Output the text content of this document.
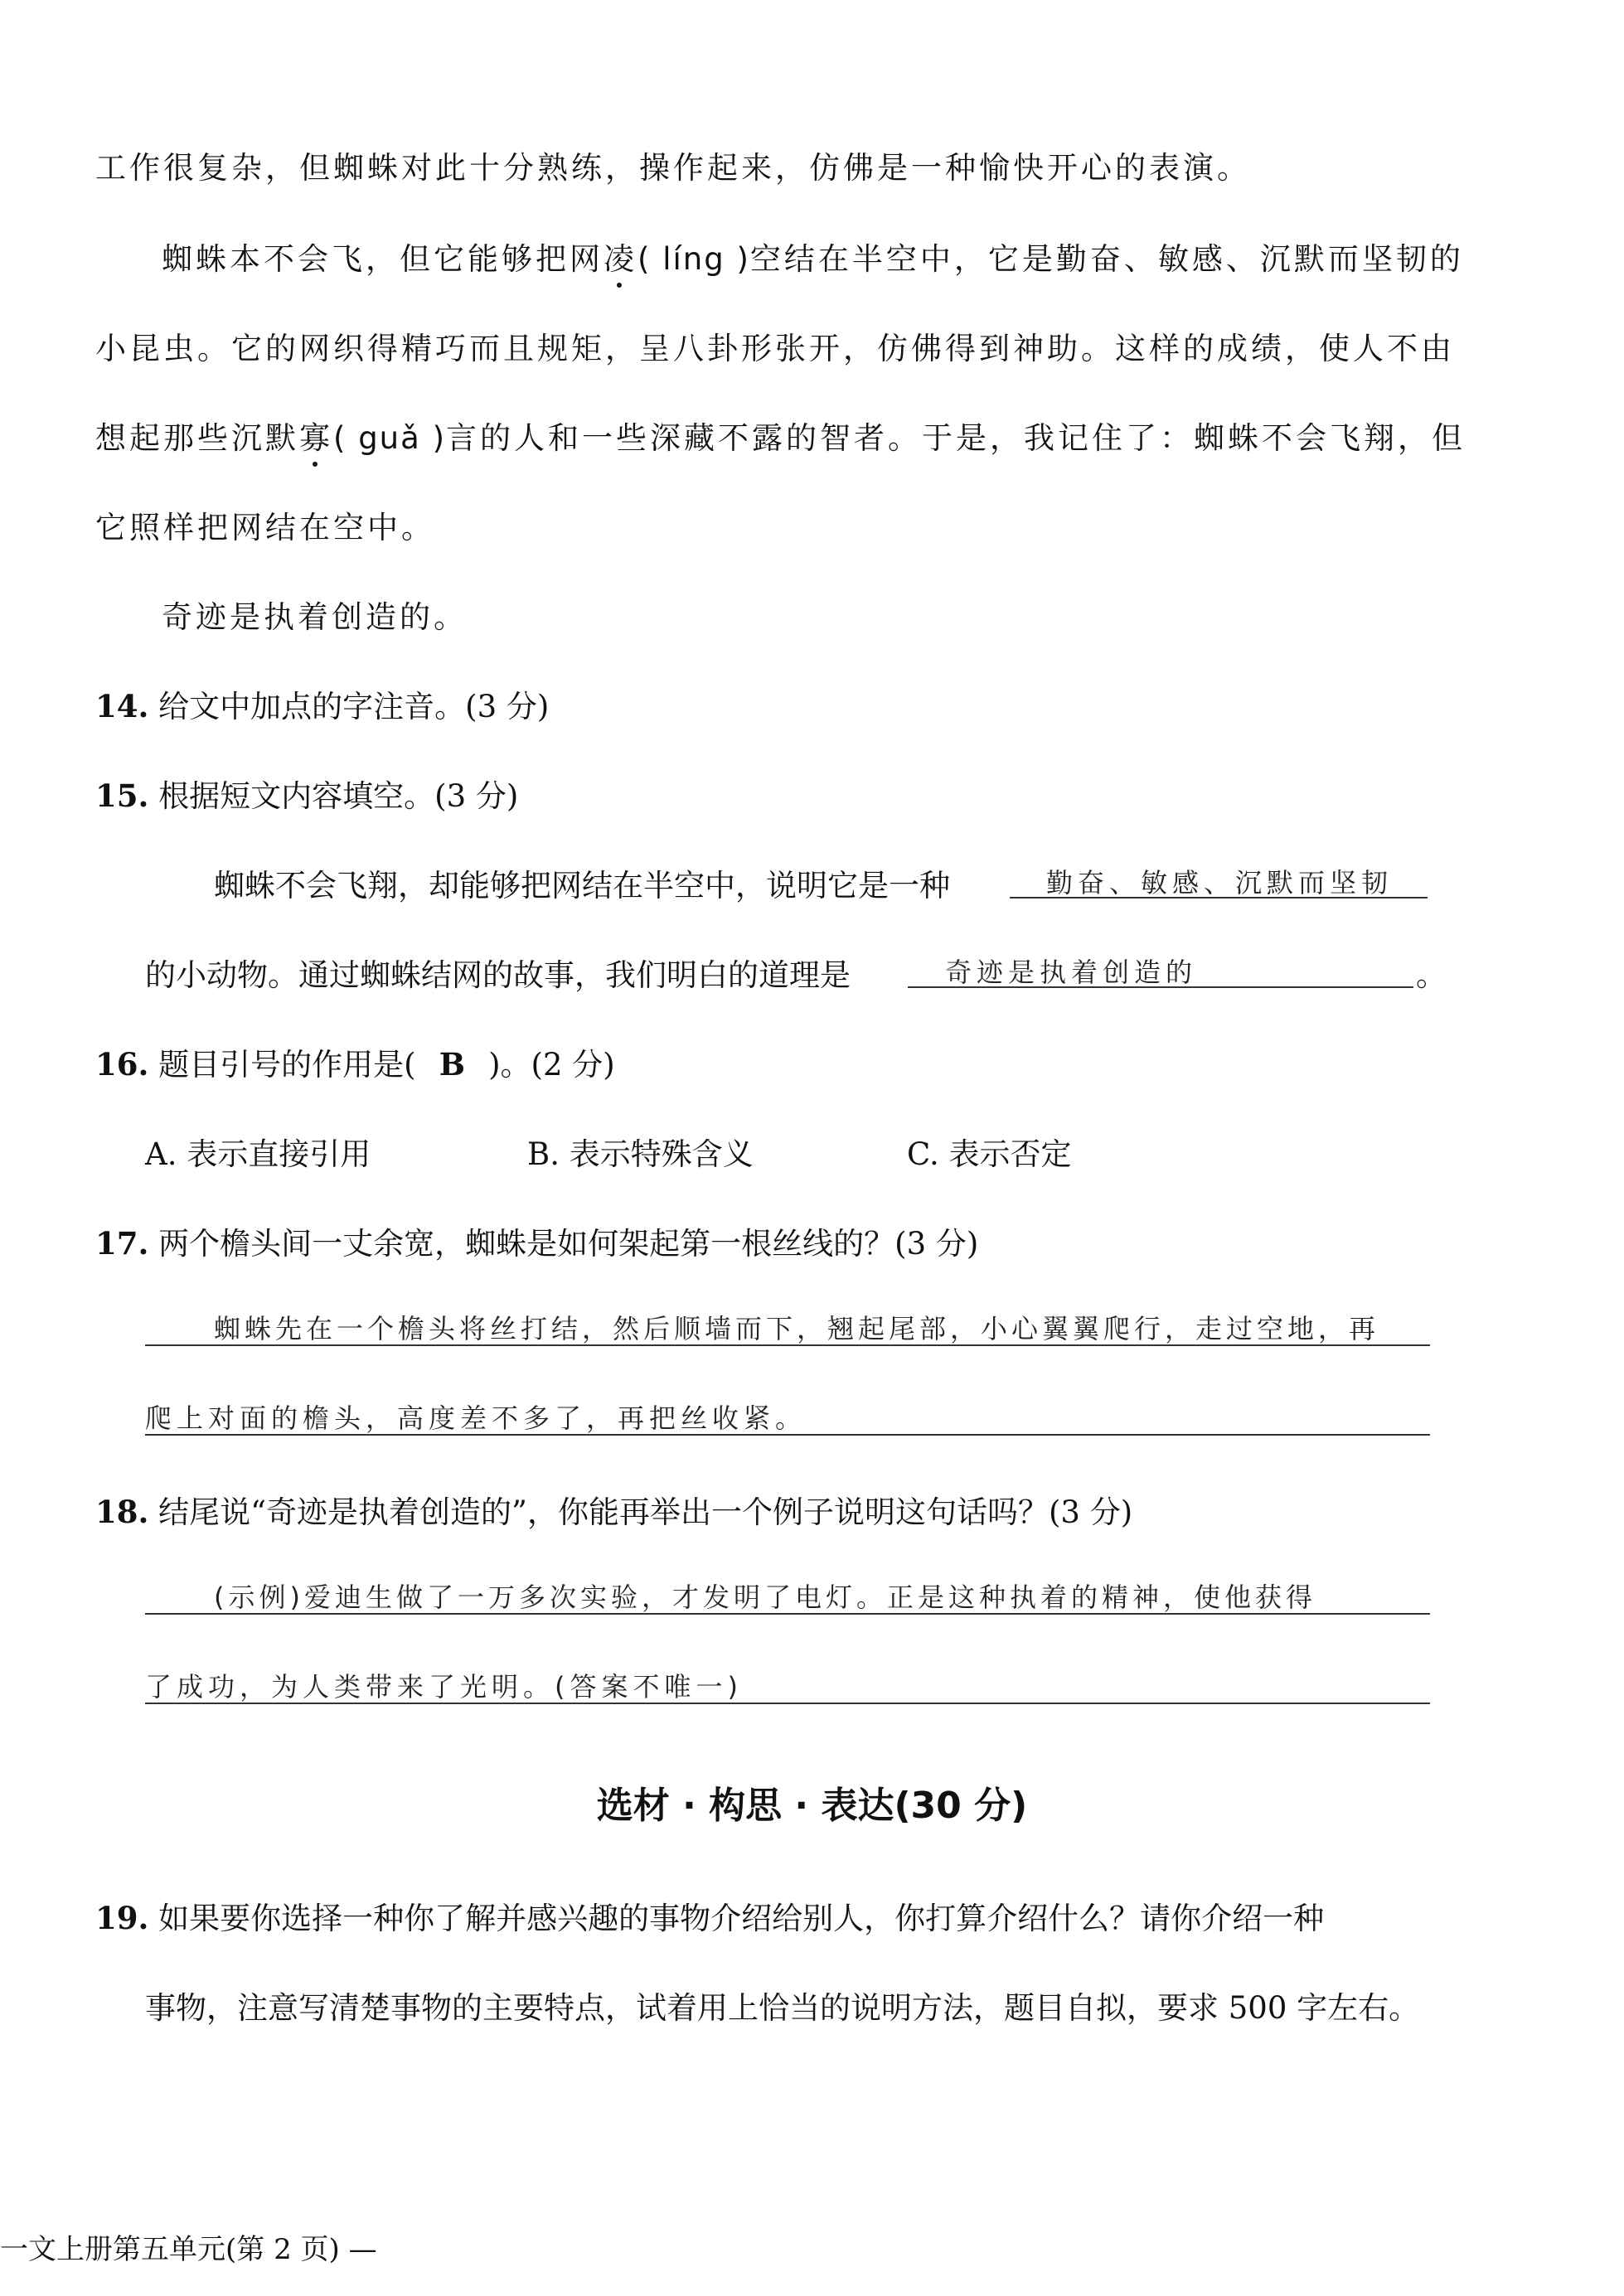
工作很复杂，但蜘蛛对此十分熟练，操作起来，仿佛是一种愉快开心的表演。
蜘蛛本不会飞，但它能够把网凌
( líng )空结在半空中，它是勤奋、敏感、沉默而坚韧的
小昆虫。它的网织得精巧而且规矩，呈八卦形张开，仿佛得到神助。这样的成绩，使人不由
想起那些沉默寡
( guǎ )言的人和一些深藏不露的智者。于是，我记住了：蜘蛛不会飞翔，但
它照样把网结在空中。
奇迹是执着创造的。
14. 给文中加点的字注音。(3 分)
15. 根据短文内容填空。(3 分)
蜘蛛不会飞翔，却能够把网结在半空中，说明它是一种	勤奋、敏感、沉默而坚韧
的小动物。通过蜘蛛结网的故事，我们明白的道理是	奇迹是执着创造的	。
16. 题目引号的作用是( B )。(2 分)
A. 表示直接引用	B. 表示特殊含义	C. 表示否定
17. 两个檐头间一丈余宽，蜘蛛是如何架起第一根丝线的？(3 分)
蜘蛛先在一个檐头将丝打结，然后顺墙而下，翘起尾部，小心翼翼爬行，走过空地，再
爬上对面的檐头，高度差不多了，再把丝收紧。
18. 结尾说“奇迹是执着创造的”，你能再举出一个例子说明这句话吗？(3 分)
(示例)爱迪生做了一万多次实验，才发明了电灯。正是这种执着的精神，使他获得
了成功，为人类带来了光明。(答案不唯一)
选材 · 构思 · 表达(30 分)
19. 如果要你选择一种你了解并感兴趣的事物介绍给别人，你打算介绍什么？请你介绍一种
事物，注意写清楚事物的主要特点，试着用上恰当的说明方法，题目自拟，要求 500 字左右。
一文上册第五单元(第 2 页) —
